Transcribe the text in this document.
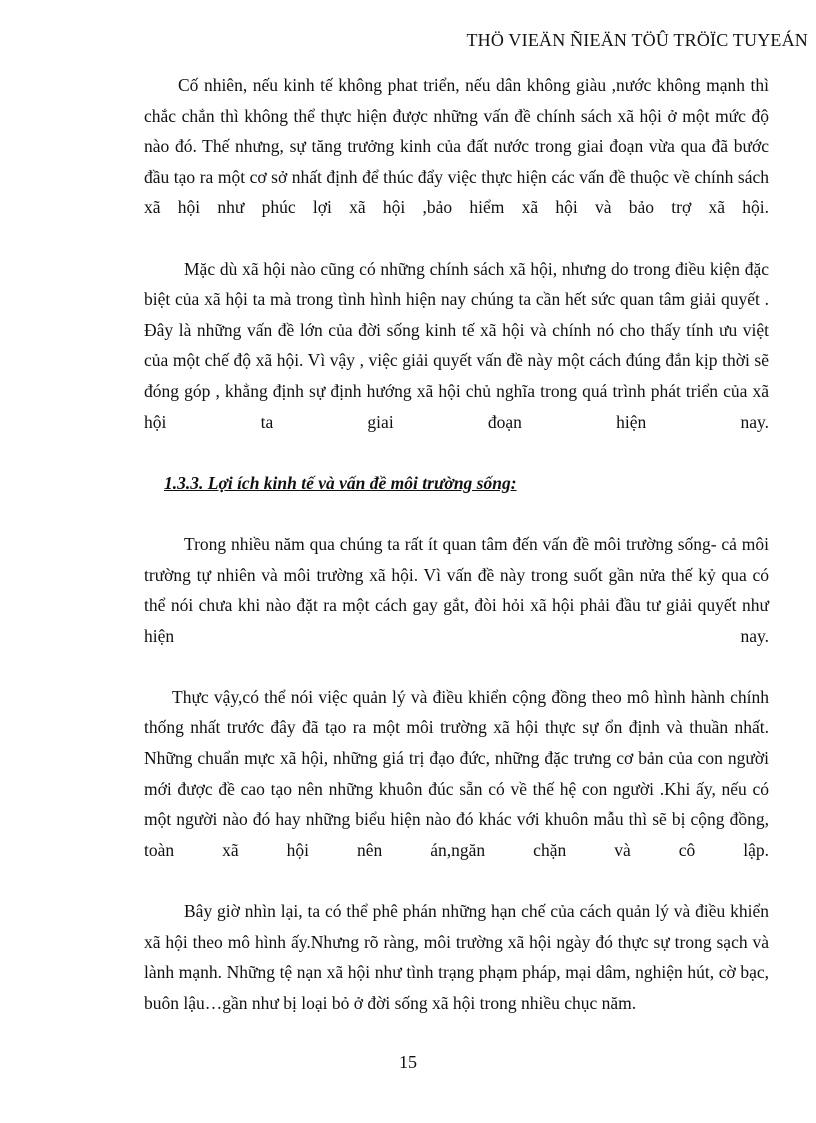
THÖ VIEÄN ÑIEÄN TÖÛ TRÖÏC TUYEÁN

Cố nhiên, nếu kinh tế không phat triển, nếu dân không giàu ,nước không mạnh thì chắc chắn thì không thể thực hiện được những vấn đề chính sách xã hội ở một mức độ nào đó. Thế nhưng, sự tăng trưởng kinh của đất nước trong giai đoạn vừa qua đã bước đầu tạo ra một cơ sở nhất định để thúc đẩy việc thực hiện các vấn đề thuộc về chính sách xã hội như phúc lợi xã hội ,bảo hiểm xã hội và bảo trợ xã hội.

Mặc dù xã hội nào cũng có những chính sách xã hội, nhưng do trong điều kiện đặc biệt của xã hội ta mà trong tình hình hiện nay chúng ta cần hết sức quan tâm giải quyết . Đây là những vấn đề lớn của đời sống kinh tế xã hội và chính nó cho thấy tính ưu việt của một chế độ xã hội. Vì vậy , việc giải quyết vấn đề này một cách đúng đắn kịp thời sẽ đóng góp , khẳng định sự định hướng xã hội chủ nghĩa trong quá trình phát triển của xã hội ta giai đoạn hiện nay.

1.3.3. Lợi ích kinh tế và vấn đề môi trường sống:

Trong nhiều năm qua chúng ta rất ít quan tâm đến vấn đề môi trường sống- cả môi trường tự nhiên và môi trường xã hội. Vì vấn đề này trong suốt gần nửa thế kỷ qua có thể nói chưa khi nào đặt ra một cách gay gắt, đòi hỏi xã hội phải đầu tư giải quyết như hiện nay.

Thực vậy,có thể nói việc quản lý và điều khiển cộng đồng theo mô hình hành chính thống nhất trước đây đã tạo ra một môi trường xã hội thực sự ổn định và thuần nhất. Những chuẩn mực xã hội, những giá trị đạo đức, những đặc trưng cơ bản của con người mới được đề cao tạo nên những khuôn đúc sẵn có về thế hệ con người .Khi ấy, nếu có một người nào đó hay những biểu hiện nào đó khác với khuôn mẫu thì sẽ bị cộng đồng, toàn xã hội nên án,ngăn chặn và cô lập.

Bây giờ nhìn lại, ta có thể phê phán những hạn chế của cách quản lý và điều khiển xã hội theo mô hình ấy.Nhưng rõ ràng, môi trường xã hội ngày đó thực sự trong sạch và lành mạnh. Những tệ nạn xã hội như tình trạng phạm pháp, mại dâm, nghiện hút, cờ bạc, buôn lậu…gần như bị loại bỏ ở đời sống xã hội trong nhiều chục năm.

15
